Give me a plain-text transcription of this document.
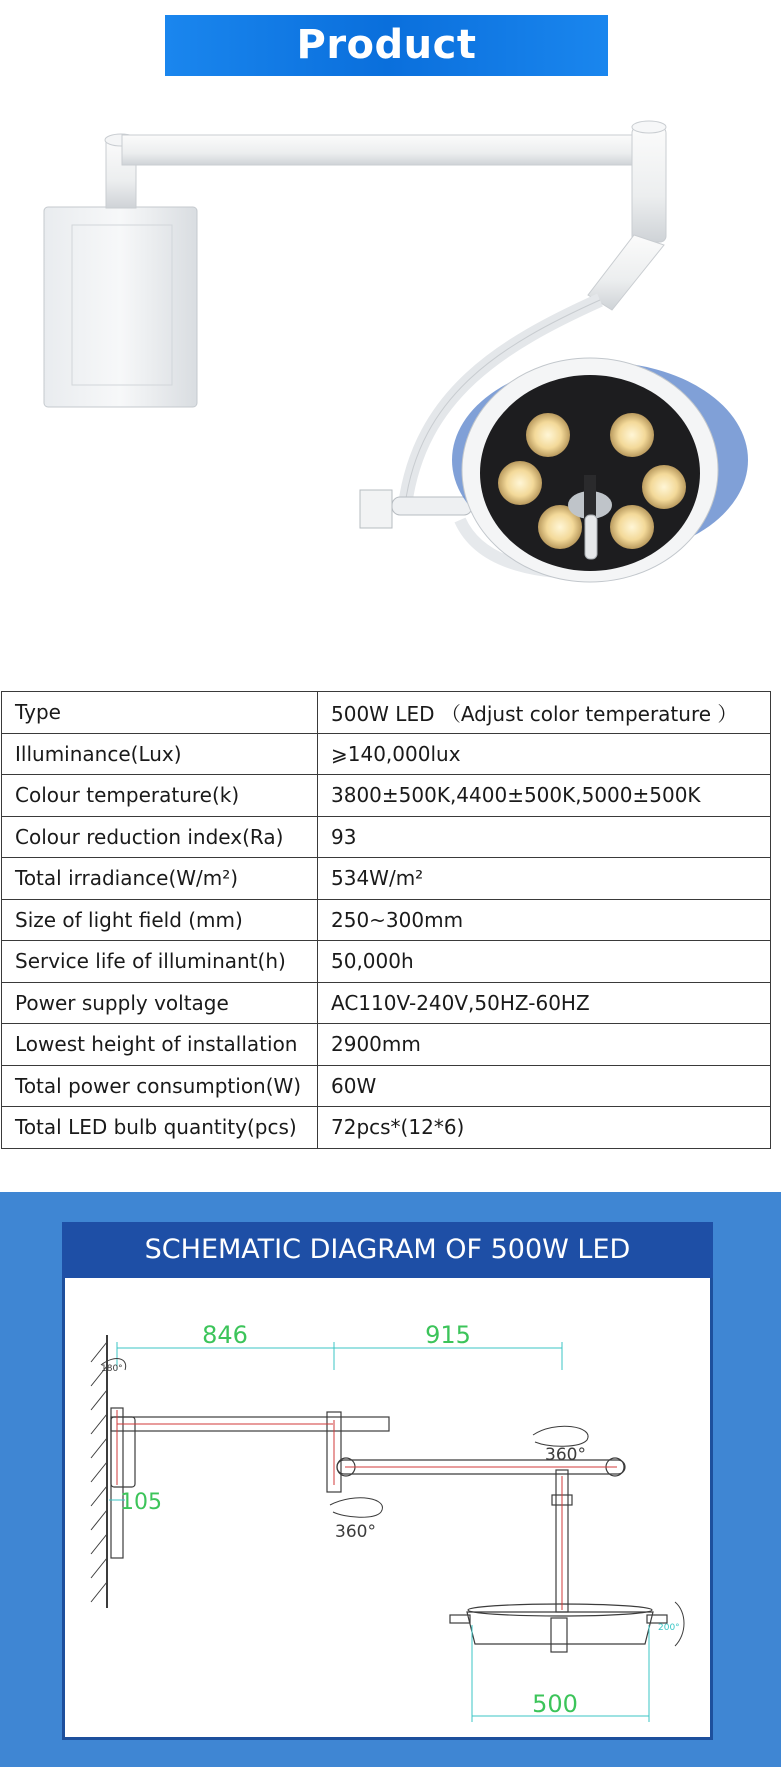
Product Parameters
Type	500W LED （Adjust color temperature ）
Illuminance(Lux)	⩾140,000lux
Colour temperature(k)	3800±500K,4400±500K,5000±500K
Colour reduction index(Ra)	93
Total irradiance(W/m²)	534W/m²
Size of light field (mm)	250~300mm
Service life of illuminant(h)	50,000h
Power supply voltage	AC110V-240V,50HZ-60HZ
Lowest height of installation	2900mm
Total power consumption(W)	60W
Total LED bulb quantity(pcs)	72pcs*(12*6)
SCHEMATIC DIAGRAM OF 500W LED
846	915
105
500
180°
360°
360°
200°
